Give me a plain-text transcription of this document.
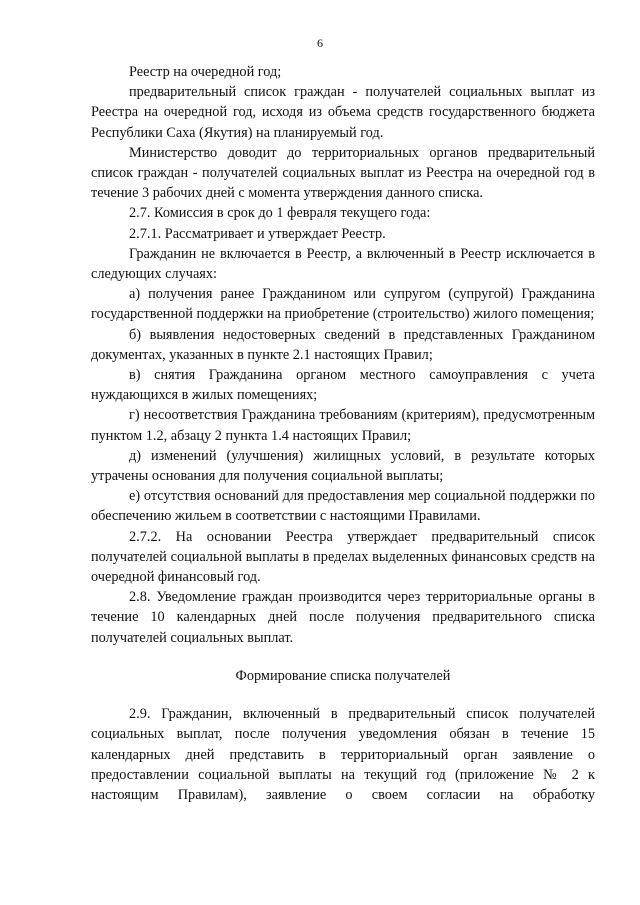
6

Реестр на очередной год;

предварительный список граждан - получателей социальных выплат из Реестра на очередной год, исходя из объема средств государственного бюджета Республики Саха (Якутия) на планируемый год.

Министерство доводит до территориальных органов предварительный список граждан - получателей социальных выплат из Реестра на очередной год в течение 3 рабочих дней с момента утверждения данного списка.

2.7. Комиссия в срок до 1 февраля текущего года:

2.7.1. Рассматривает и утверждает Реестр.

Гражданин не включается в Реестр, а включенный в Реестр исключается в следующих случаях:

а) получения ранее Гражданином или супругом (супругой) Гражданина государственной поддержки на приобретение (строительство) жилого помещения;

б) выявления недостоверных сведений в представленных Гражданином документах, указанных в пункте 2.1 настоящих Правил;

в) снятия Гражданина органом местного самоуправления с учета нуждающихся в жилых помещениях;

г) несоответствия Гражданина требованиям (критериям), предусмотренным пунктом 1.2, абзацу 2 пункта 1.4 настоящих Правил;

д) изменений (улучшения) жилищных условий, в результате которых утрачены основания для получения социальной выплаты;

е) отсутствия оснований для предоставления мер социальной поддержки по обеспечению жильем в соответствии с настоящими Правилами.

2.7.2. На основании Реестра утверждает предварительный список получателей социальной выплаты в пределах выделенных финансовых средств на очередной финансовый год.

2.8. Уведомление граждан производится через территориальные органы в течение 10 календарных дней после получения предварительного списка получателей социальных выплат.

Формирование списка получателей

2.9. Гражданин, включенный в предварительный список получателей социальных выплат, после получения уведомления обязан в течение 15 календарных дней представить в территориальный орган заявление о предоставлении социальной выплаты на текущий год (приложение № 2 к настоящим Правилам), заявление о своем согласии на обработку
